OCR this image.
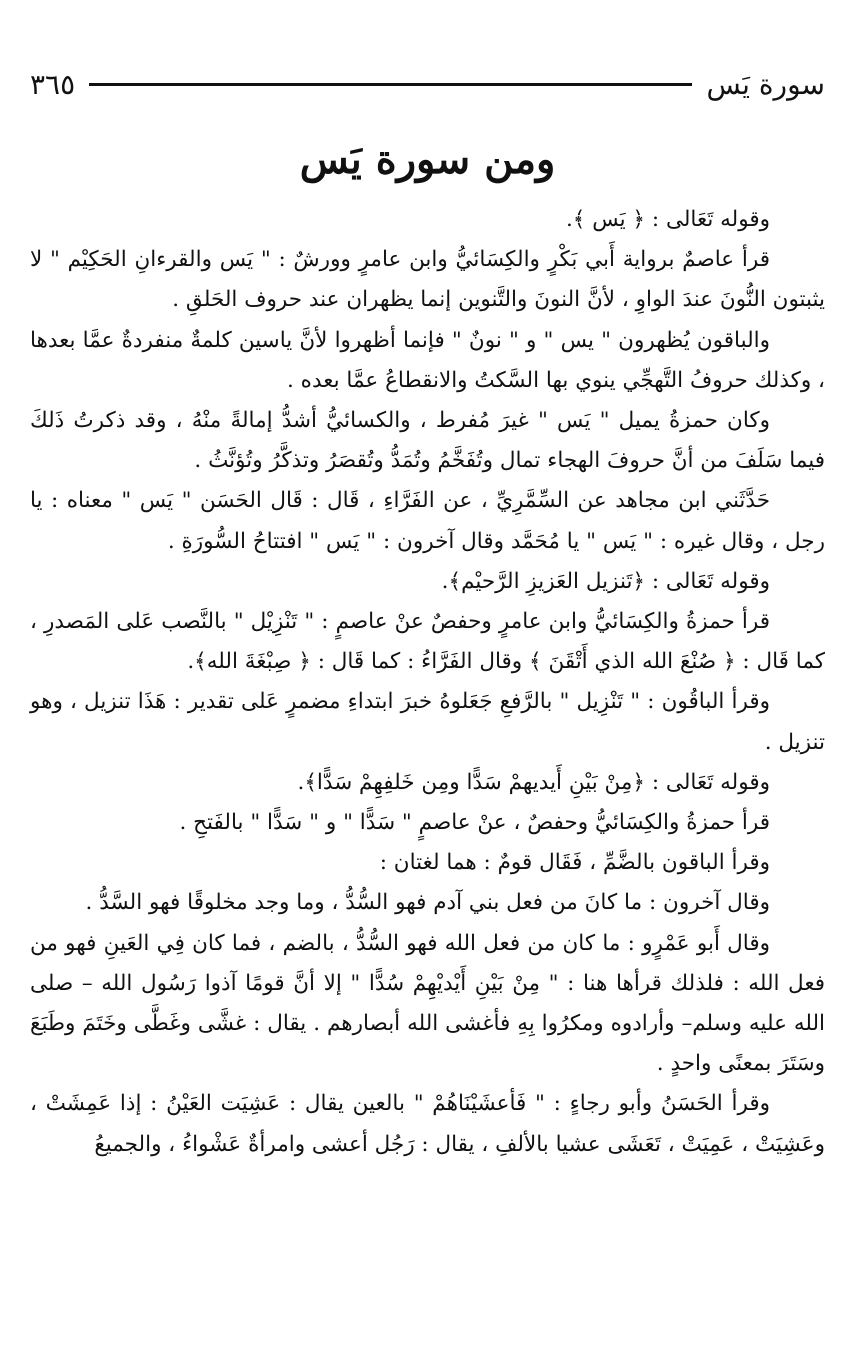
سورة يَس
٣٦٥
ومن سورة يَس

وقوله تَعَالى : ﴿ يَس ﴾.

قرأ عاصمٌ برواية أَبي بَكْرٍ والكِسَائيُّ وابن عامرٍ وورشٌ : " يَس والقرءانِ الحَكِيْم " لا يثبتون النُّونَ عندَ الواوِ ، لأنَّ النونَ والتَّنوين إنما يظهران عند حروف الحَلقِ .

والباقون يُظهرون " يس " و " نونٌ " فإنما أظهروا لأنَّ ياسين كلمةٌ منفردةٌ عمَّا بعدها ، وكذلك حروفُ التَّهجِّي ينوي بها السَّكتُ والانقطاعُ عمَّا بعده .

وكان حمزةُ يميل " يَس " غيرَ مُفرط ، والكسائيُّ أشدُّ إمالةً منْهُ ، وقد ذكرتُ ذَلكَ فيما سَلَفَ من أنَّ حروفَ الهجاء تمال وتُفَخَّمُ وتُمَدُّ وتُقصَرُ وتذكَّرُ وتُؤنَّثُ .

حَدَّثَني ابن مجاهد عن السِّمَّرِيِّ ، عن الفَرَّاءِ ، قَال : قَال الحَسَن " يَس " معناه : يا رجل ، وقال غيره : " يَس " يا مُحَمَّد وقال آخرون : " يَس " افتتاحُ السُّورَةِ .

وقوله تَعَالى : ﴿تَنزيل العَزيزِ الرَّحيْم﴾.

قرأ حمزةُ والكِسَائيُّ وابن عامرٍ وحفصٌ عنْ عاصمٍ : " تَنْزِيْل " بالنَّصب عَلى المَصدرِ ، كما قَال : ﴿ صُنْعَ الله الذي أَتْقَنَ ﴾ وقال الفَرَّاءُ : كما قَال : ﴿ صِبْغَةَ الله﴾.

وقرأ الباقُون : " تَنْزِيل " بالرَّفعِ جَعَلوهُ خبرَ ابتداءِ مضمرٍ عَلى تقدير : هَذَا تنزيل ، وهو تنزيل .

وقوله تَعَالى : ﴿مِنْ بَيْنِ أَيديهمْ سَدًّا ومِن خَلفِهِمْ سَدًّا﴾.

قرأ حمزةُ والكِسَائيُّ وحفصٌ ، عنْ عاصمٍ " سَدًّا " و " سَدًّا " بالفَتحِ .

وقرأ الباقون بالضَّمِّ ، فَقَال قومٌ : هما لغتان :

وقال آخرون : ما كانَ من فعل بني آدم فهو السُّدُّ ، وما وجد مخلوقًا فهو السَّدُّ .

وقال أَبو عَمْرٍو : ما كان من فعل الله فهو السُّدُّ ، بالضم ، فما كان فِي العَينِ فهو من فعل الله : فلذلك قرأها هنا : " مِنْ بَيْنِ أَيْديْهِمْ سُدًّا " إلا أنَّ قومًا آذوا رَسُول الله – صلى الله عليه وسلم– وأرادوه ومكرُوا بِهِ فأغشى الله أبصارهم . يقال : غشَّى وغَطَّى وخَتَمَ وطَبَعَ وسَتَرَ بمعنًى واحدٍ .

وقرأ الحَسَنُ وأبو رجاءٍ : " فَأعشَيْنَاهُمْ " بالعين يقال : عَشِيَت العَيْنُ : إذا عَمِشَتْ ، وعَشِيَتْ ، عَمِيَتْ ، تَعَشَى عشيا بالألفِ ، يقال : رَجُل أعشى وامرأةٌ عَشْواءُ ، والجميعُ
